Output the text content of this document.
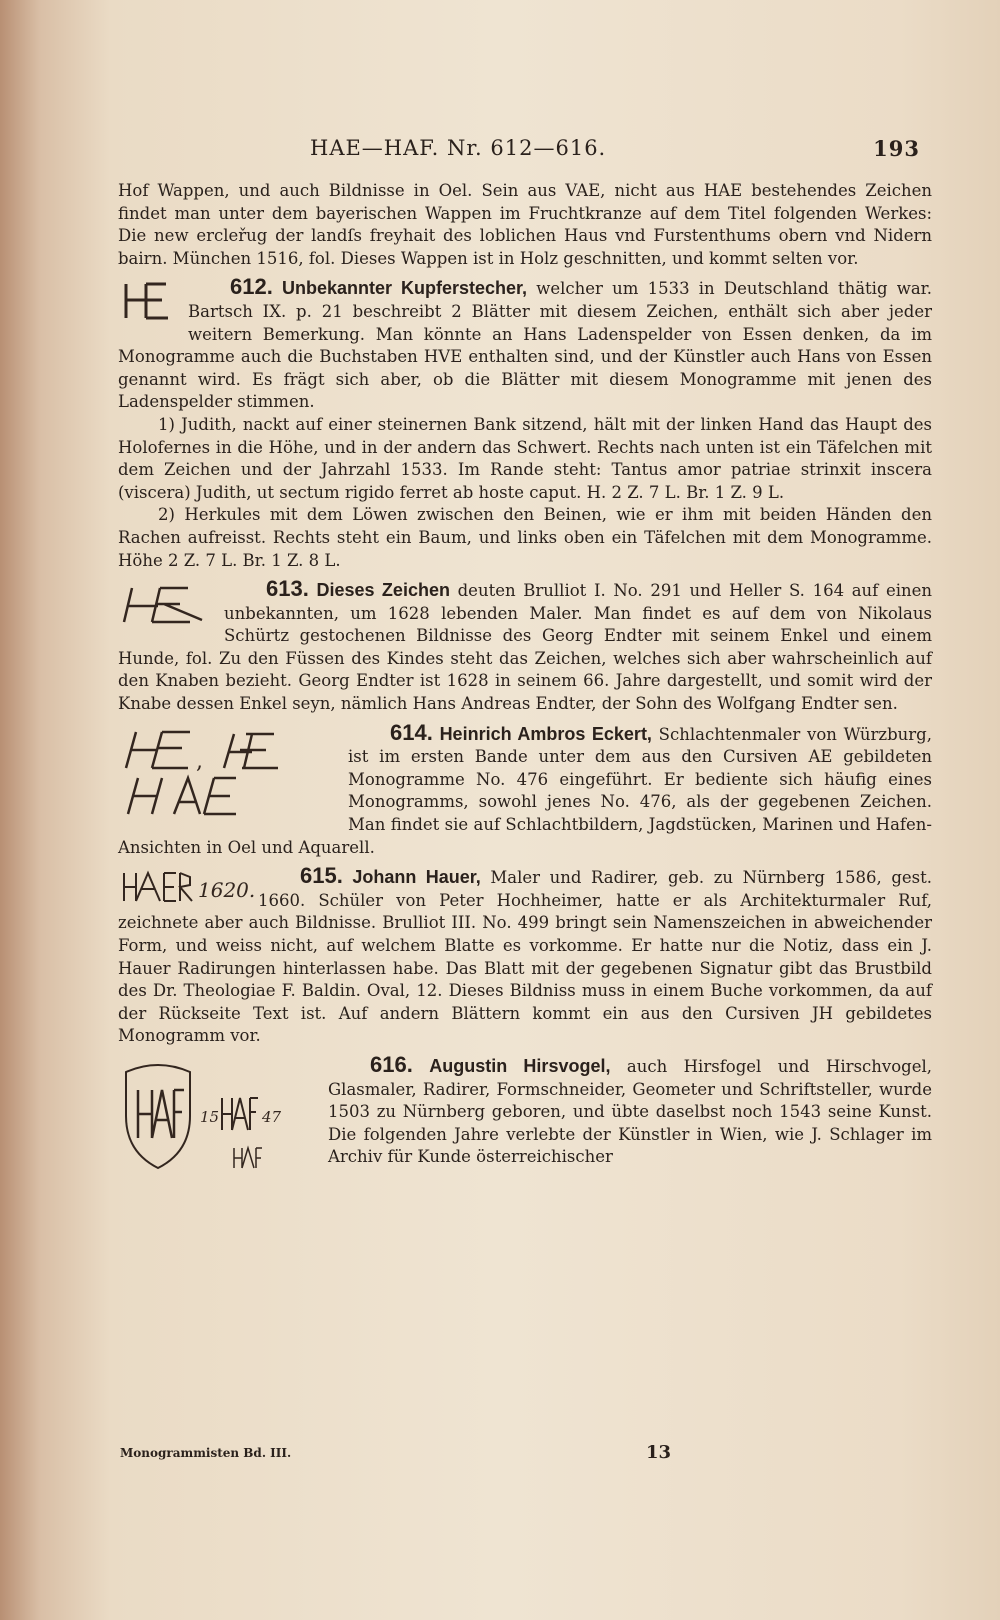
HAE—HAF. Nr. 612—616.	193

Hof Wappen, und auch Bildnisse in Oel. Sein aus VAE, nicht aus HAE bestehendes Zeichen findet man unter dem bayerischen Wappen im Fruchtkranze auf dem Titel folgenden Werkes: Die new ercleřug der landſs freyhait des loblichen Haus vnd Furstenthums obern vnd Nidern bairn. München 1516, fol. Dieses Wappen ist in Holz geschnitten, und kommt selten vor.

612. Unbekannter Kupferstecher, welcher um 1533 in Deutschland thätig war. Bartsch IX. p. 21 beschreibt 2 Blätter mit diesem Zeichen, enthält sich aber jeder weitern Bemerkung. Man könnte an Hans Ladenspelder von Essen denken, da im Monogramme auch die Buchstaben HVE enthalten sind, und der Künstler auch Hans von Essen genannt wird. Es frägt sich aber, ob die Blätter mit diesem Monogramme mit jenen des Ladenspelder stimmen.

1) Judith, nackt auf einer steinernen Bank sitzend, hält mit der linken Hand das Haupt des Holofernes in die Höhe, und in der andern das Schwert. Rechts nach unten ist ein Täfelchen mit dem Zeichen und der Jahrzahl 1533. Im Rande steht: Tantus amor patriae strinxit inscera (viscera) Judith, ut sectum rigido ferret ab hoste caput. H. 2 Z. 7 L. Br. 1 Z. 9 L.

2) Herkules mit dem Löwen zwischen den Beinen, wie er ihm mit beiden Händen den Rachen aufreisst. Rechts steht ein Baum, und links oben ein Täfelchen mit dem Monogramme. Höhe 2 Z. 7 L. Br. 1 Z. 8 L.

613. Dieses Zeichen deuten Brulliot I. No. 291 und Heller S. 164 auf einen unbekannten, um 1628 lebenden Maler. Man findet es auf dem von Nikolaus Schürtz gestochenen Bildnisse des Georg Endter mit seinem Enkel und einem Hunde, fol. Zu den Füssen des Kindes steht das Zeichen, welches sich aber wahrscheinlich auf den Knaben bezieht. Georg Endter ist 1628 in seinem 66. Jahre dargestellt, und somit wird der Knabe dessen Enkel seyn, nämlich Hans Andreas Endter, der Sohn des Wolfgang Endter sen.

,

614. Heinrich Ambros Eckert, Schlachtenmaler von Würzburg, ist im ersten Bande unter dem aus den Cursiven AE gebildeten Monogramme No. 476 eingeführt. Er bediente sich häufig eines Monogramms, sowohl jenes No. 476, als der gegebenen Zeichen. Man findet sie auf Schlachtbildern, Jagdstücken, Marinen und Hafen-Ansichten in Oel und Aquarell.

1620.

615. Johann Hauer, Maler und Radirer, geb. zu Nürnberg 1586, gest. 1660. Schüler von Peter Hochheimer, hatte er als Architekturmaler Ruf, zeichnete aber auch Bildnisse. Brulliot III. No. 499 bringt sein Namenszeichen in abweichender Form, und weiss nicht, auf welchem Blatte es vorkomme. Er hatte nur die Notiz, dass ein J. Hauer Radirungen hinterlassen habe. Das Blatt mit der gegebenen Signatur gibt das Brustbild des Dr. Theologiae F. Baldin. Oval, 12. Dieses Bildniss muss in einem Buche vorkommen, da auf der Rückseite Text ist. Auf andern Blättern kommt ein aus den Cursiven JH gebildetes Monogramm vor.

15	47

616. Augustin Hirsvogel, auch Hirsfogel und Hirschvogel, Glasmaler, Radirer, Formschneider, Geometer und Schriftsteller, wurde 1503 zu Nürnberg geboren, und übte daselbst noch 1543 seine Kunst. Die folgenden Jahre verlebte der Künstler in Wien, wie J. Schlager im Archiv für Kunde österreichischer

Monogrammisten Bd. III.	13
